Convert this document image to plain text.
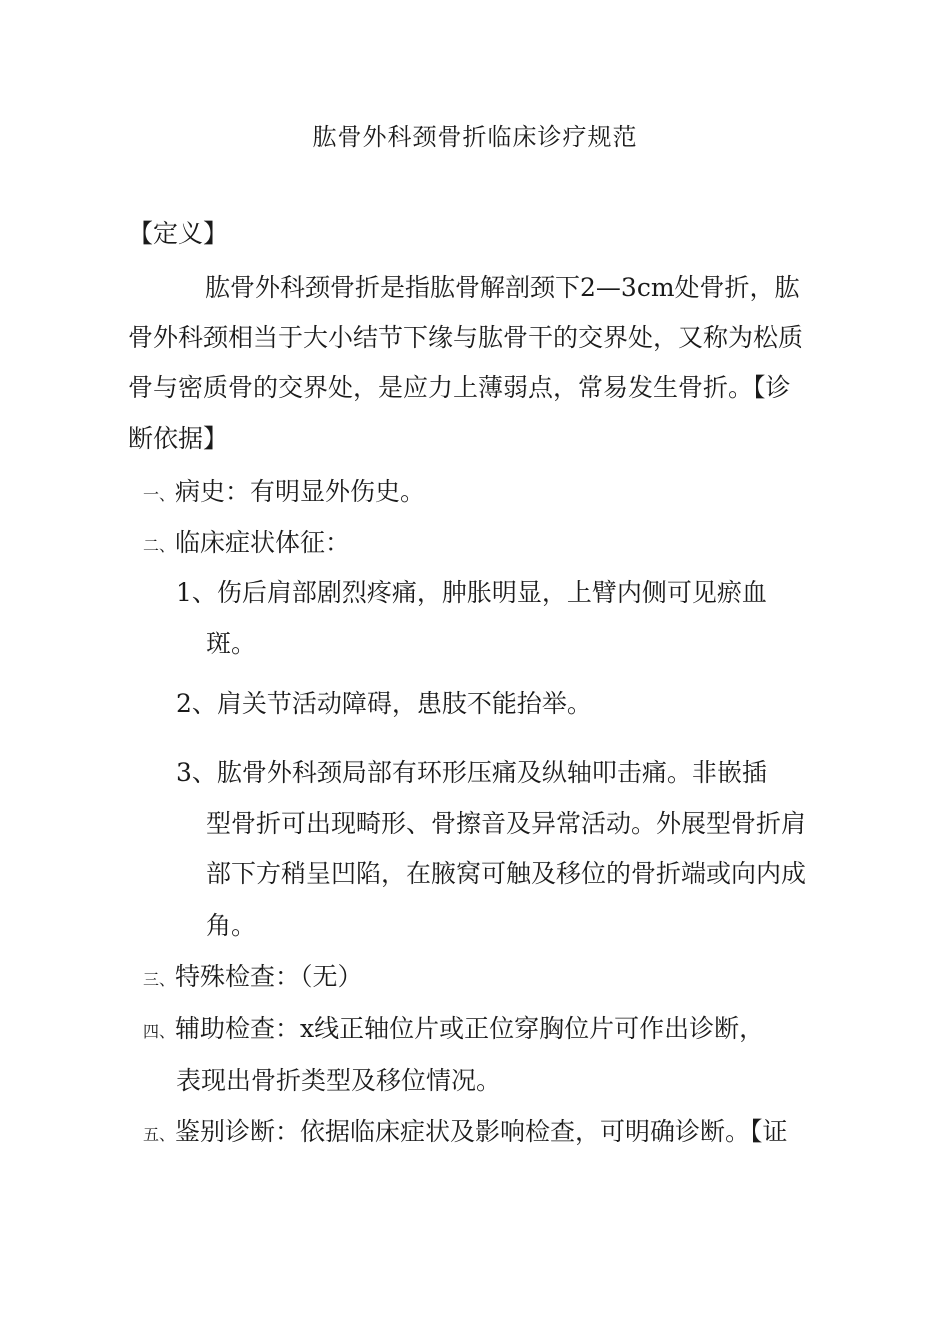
肱骨外科颈骨折临床诊疗规范

【定义】

肱骨外科颈骨折是指肱骨解剖颈下2—3cm处骨折，肱

骨外科颈相当于大小结节下缘与肱骨干的交界处，又称为松质

骨与密质骨的交界处，是应力上薄弱点，常易发生骨折。【诊

断依据】

一、病史：有明显外伤史。

二、临床症状体征：

1、伤后肩部剧烈疼痛，肿胀明显，上臂内侧可见瘀血

斑。

2、肩关节活动障碍，患肢不能抬举。

3、肱骨外科颈局部有环形压痛及纵轴叩击痛。非嵌插

型骨折可出现畸形、骨擦音及异常活动。外展型骨折肩

部下方稍呈凹陷，在腋窝可触及移位的骨折端或向内成

角。

三、特殊检查：（无）

四、辅助检查：x线正轴位片或正位穿胸位片可作出诊断，

表现出骨折类型及移位情况。

五、鉴别诊断：依据临床症状及影响检查，可明确诊断。【证
